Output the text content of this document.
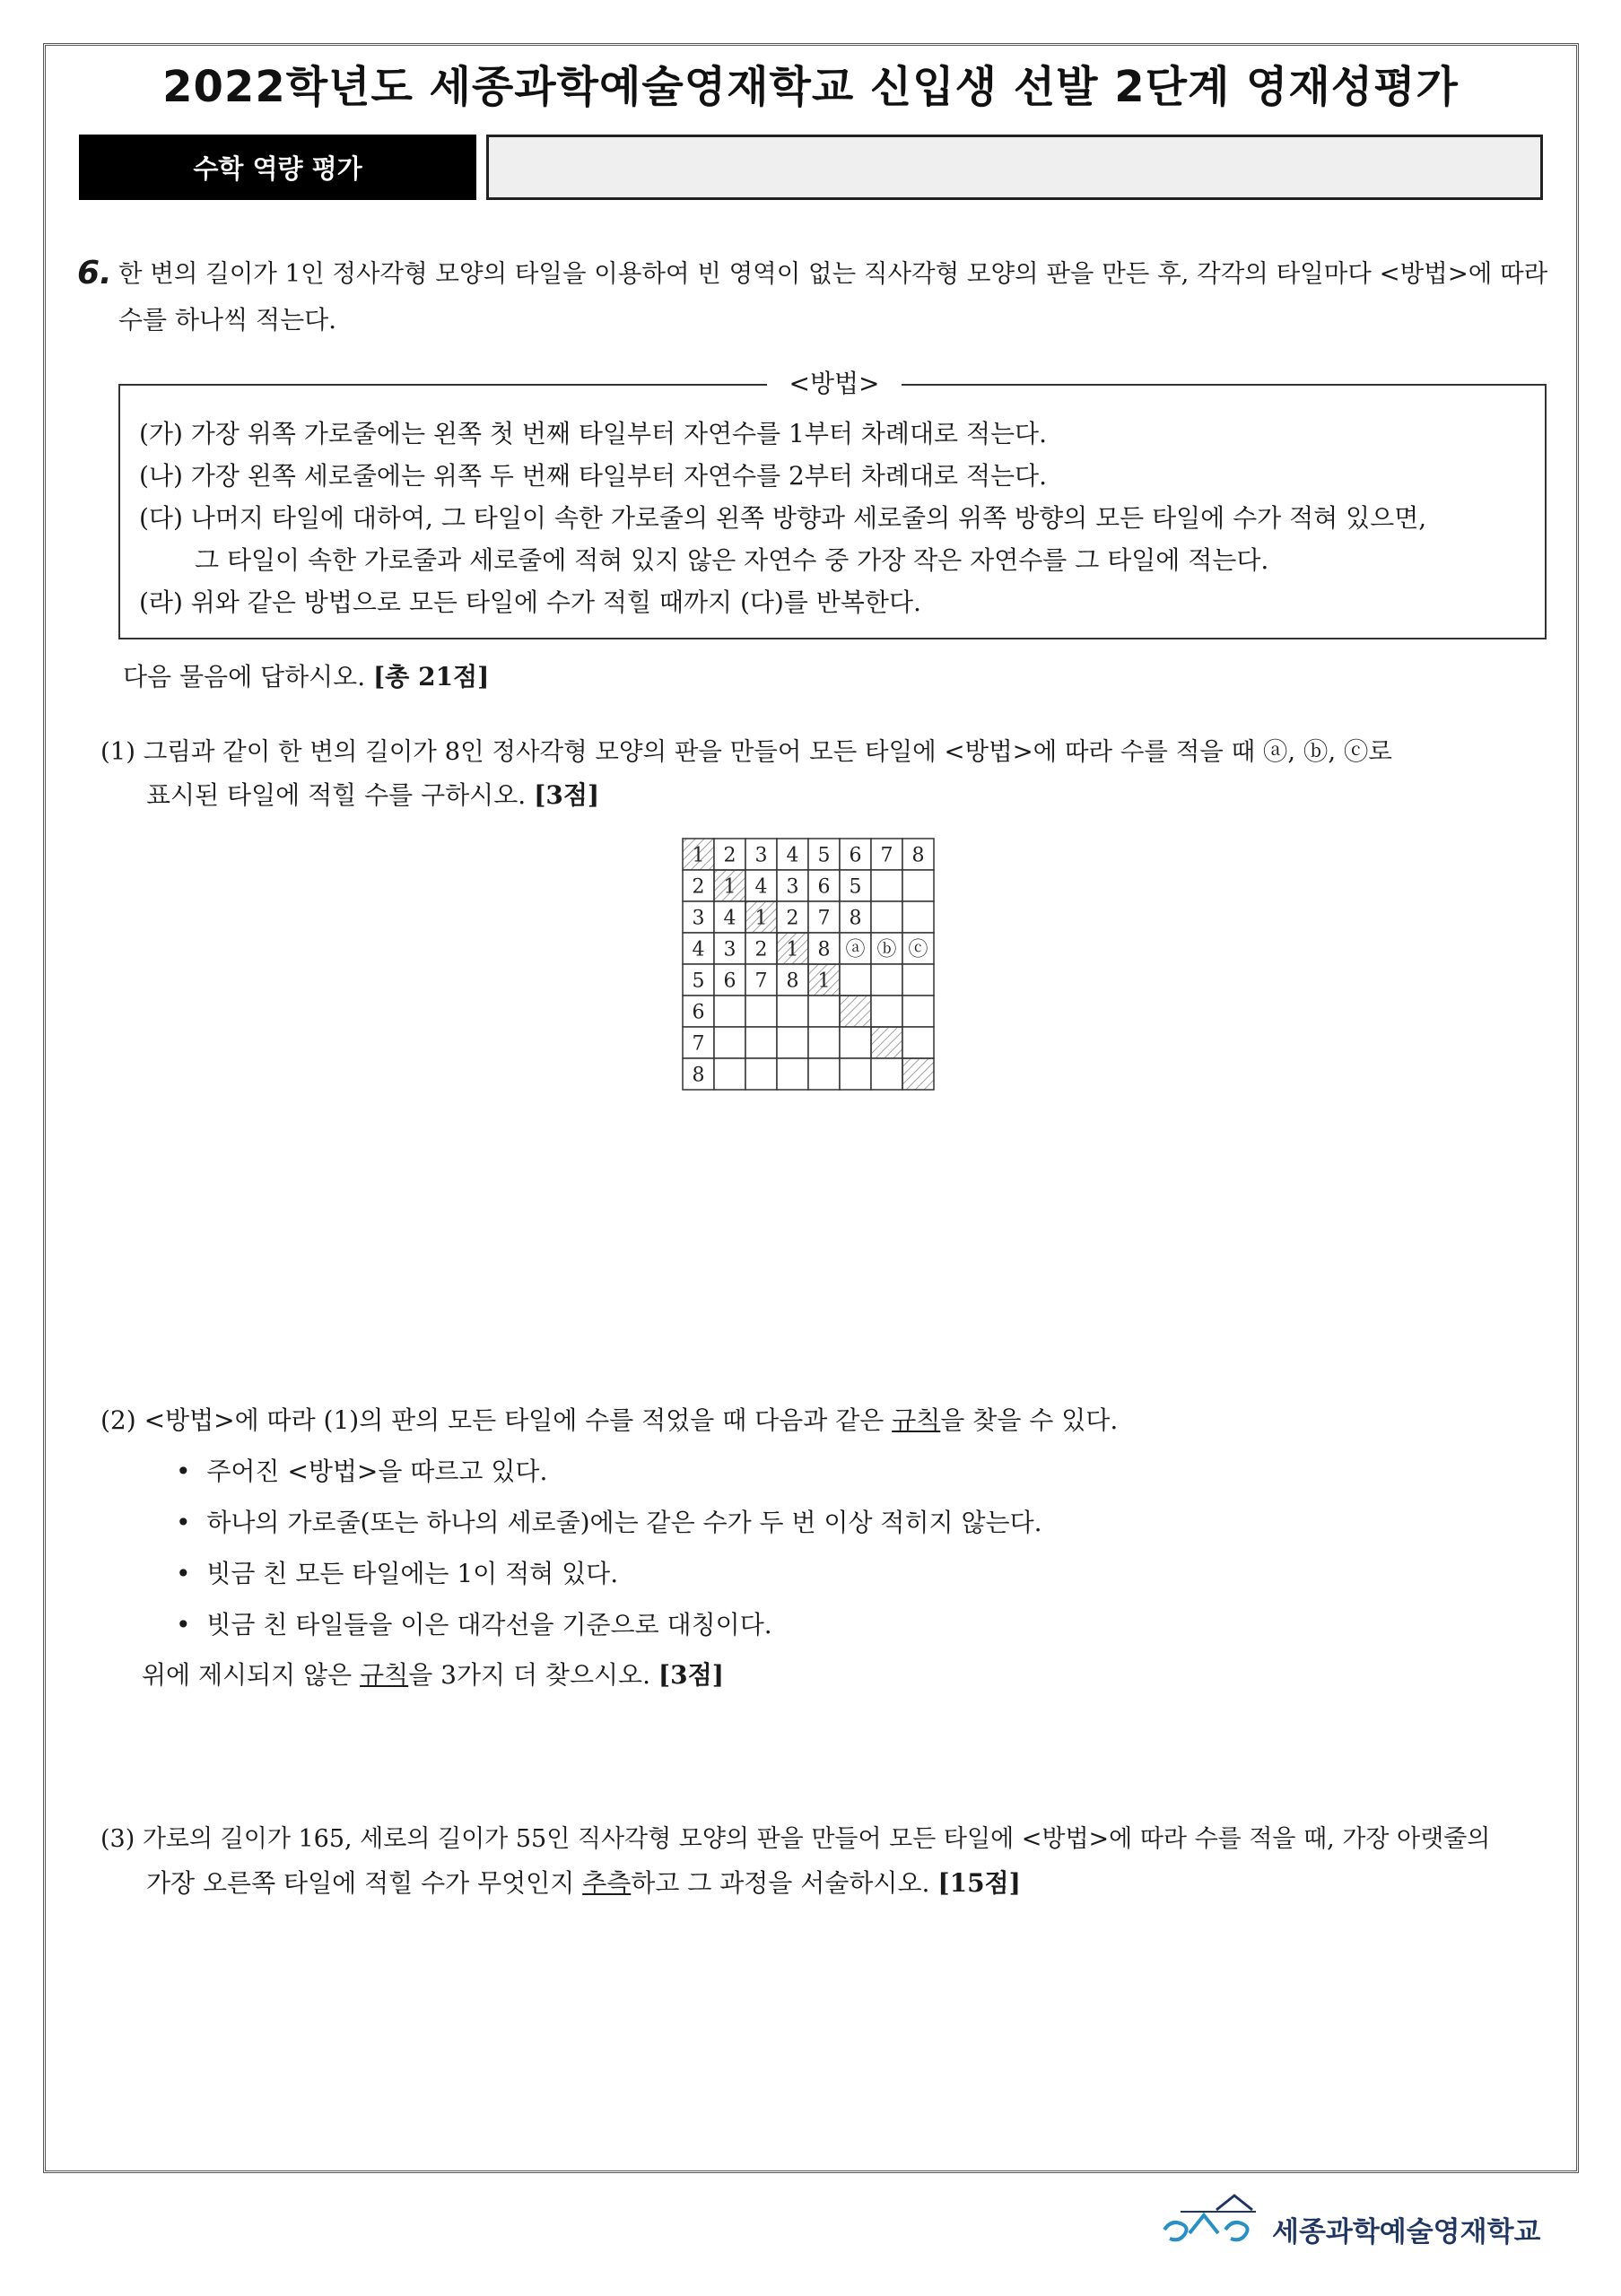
2022학년도 세종과학예술영재학교 신입생 선발 2단계 영재성평가
수학 역량 평가
6. 한 변의 길이가 1인 정사각형 모양의 타일을 이용하여 빈 영역이 없는 직사각형 모양의 판을 만든 후, 각각의 타일마다 <방법>에 따라
수를 하나씩 적는다.
<방법>
(가) 가장 위쪽 가로줄에는 왼쪽 첫 번째 타일부터 자연수를 1부터 차례대로 적는다.
(나) 가장 왼쪽 세로줄에는 위쪽 두 번째 타일부터 자연수를 2부터 차례대로 적는다.
(다) 나머지 타일에 대하여, 그 타일이 속한 가로줄의 왼쪽 방향과 세로줄의 위쪽 방향의 모든 타일에 수가 적혀 있으면,
그 타일이 속한 가로줄과 세로줄에 적혀 있지 않은 자연수 중 가장 작은 자연수를 그 타일에 적는다.
(라) 위와 같은 방법으로 모든 타일에 수가 적힐 때까지 (다)를 반복한다.
다음 물음에 답하시오. [총 21점]
(1) 그림과 같이 한 변의 길이가 8인 정사각형 모양의 판을 만들어 모든 타일에 <방법>에 따라 수를 적을 때 ⓐ, ⓑ, ⓒ로
표시된 타일에 적힐 수를 구하시오. [3점]
1 2 3 4 5 6 7 8
2 1 4 3 6 5
3 4 1 2 7 8
4 3 2 1 8 ⓐ ⓑ ⓒ
5 6 7 8 1
6
7
8
(2) <방법>에 따라 (1)의 판의 모든 타일에 수를 적었을 때 다음과 같은 규칙을 찾을 수 있다.
•  주어진 <방법>을 따르고 있다.
•  하나의 가로줄(또는 하나의 세로줄)에는 같은 수가 두 번 이상 적히지 않는다.
•  빗금 친 모든 타일에는 1이 적혀 있다.
•  빗금 친 타일들을 이은 대각선을 기준으로 대칭이다.
위에 제시되지 않은 규칙을 3가지 더 찾으시오. [3점]
(3) 가로의 길이가 165, 세로의 길이가 55인 직사각형 모양의 판을 만들어 모든 타일에 <방법>에 따라 수를 적을 때, 가장 아랫줄의
가장 오른쪽 타일에 적힐 수가 무엇인지 추측하고 그 과정을 서술하시오. [15점]
세종과학예술영재학교
